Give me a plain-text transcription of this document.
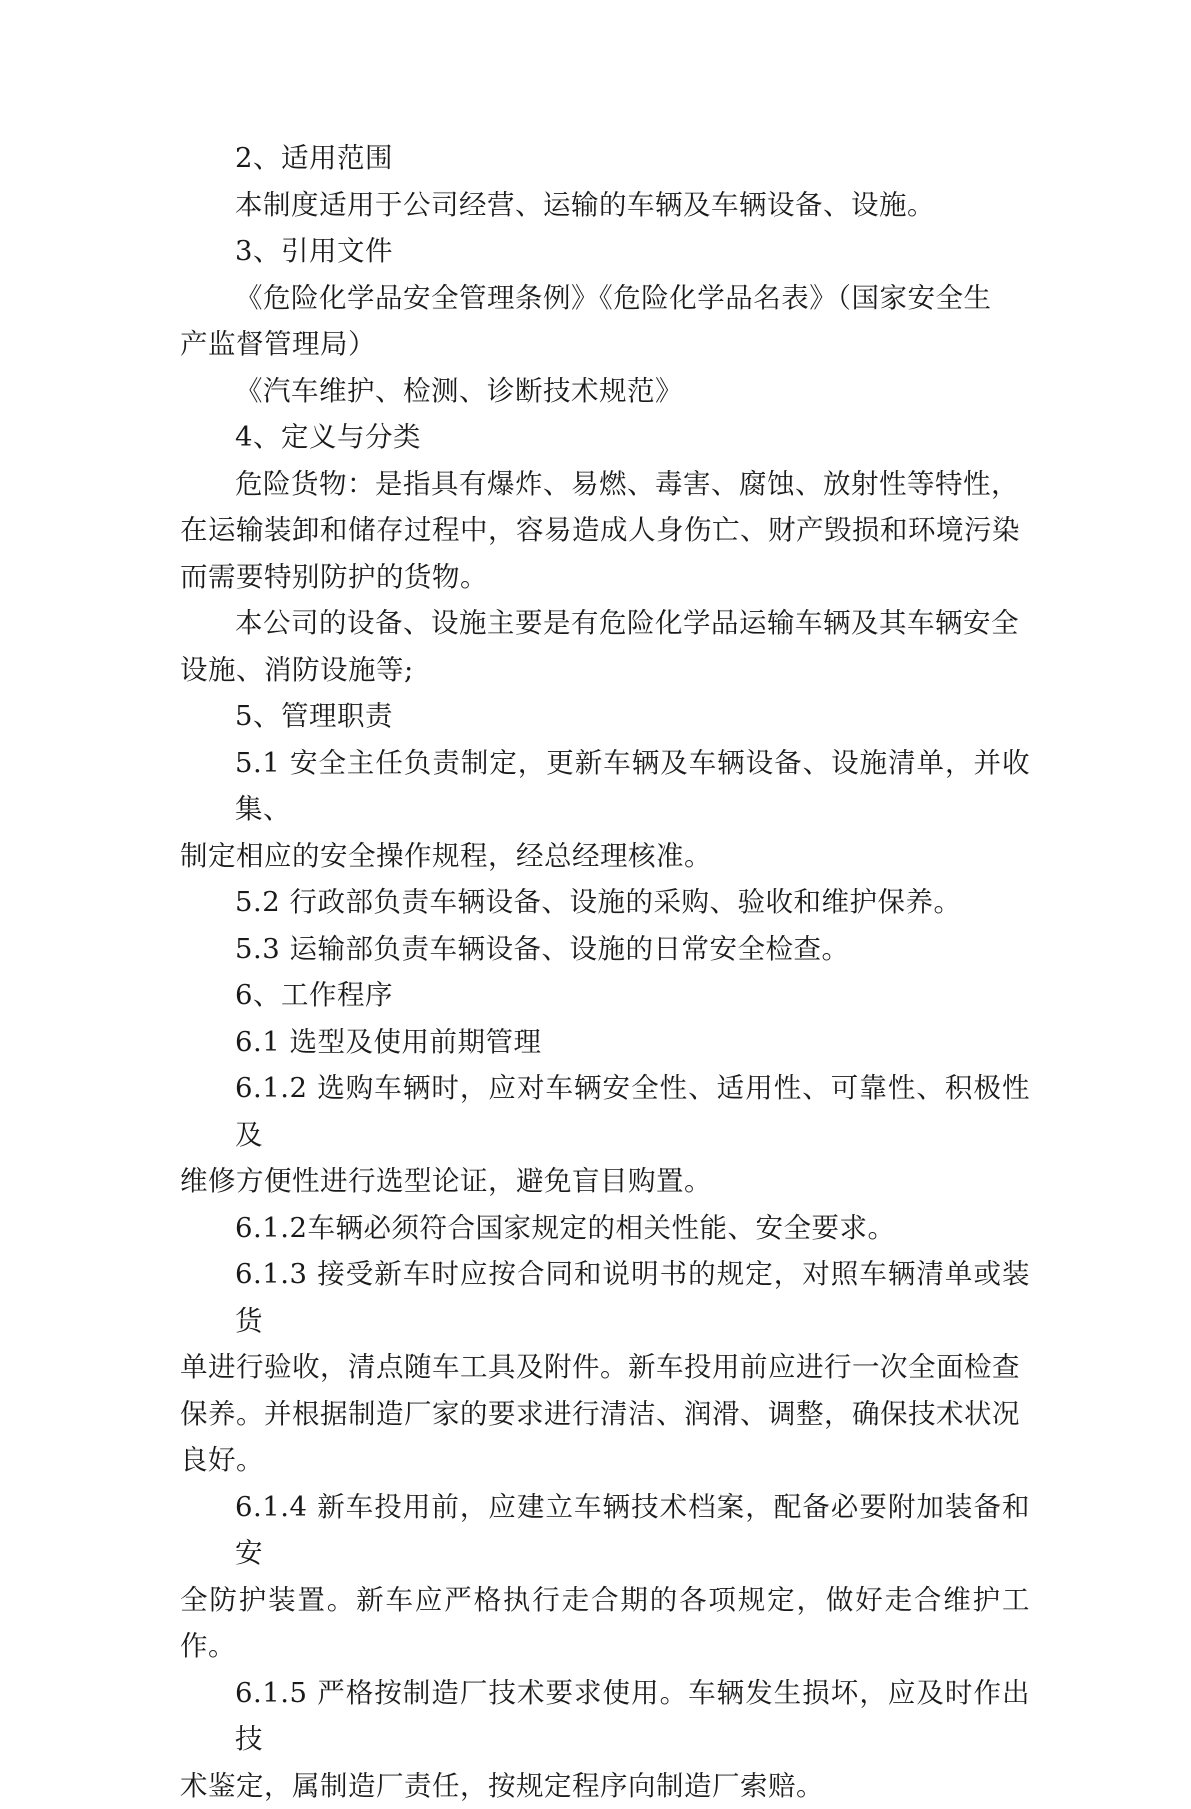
2、适用范围
本制度适用于公司经营、运输的车辆及车辆设备、设施。
3、引用文件
《危险化学品安全管理条例》《危险化学品名表》（国家安全生
产监督管理局）
《汽车维护、检测、诊断技术规范》
4、定义与分类
危险货物：是指具有爆炸、易燃、毒害、腐蚀、放射性等特性，
在运输装卸和储存过程中，容易造成人身伤亡、财产毁损和环境污染
而需要特别防护的货物。
本公司的设备、设施主要是有危险化学品运输车辆及其车辆安全
设施、消防设施等;
5、管理职责
5.1 安全主任负责制定，更新车辆及车辆设备、设施清单，并收集、
制定相应的安全操作规程，经总经理核准。
5.2 行政部负责车辆设备、设施的采购、验收和维护保养。
5.3 运输部负责车辆设备、设施的日常安全检查。
6、工作程序
6.1 选型及使用前期管理
6.1.2 选购车辆时，应对车辆安全性、适用性、可靠性、积极性及
维修方便性进行选型论证，避免盲目购置。
6.1.2车辆必须符合国家规定的相关性能、安全要求。
6.1.3 接受新车时应按合同和说明书的规定，对照车辆清单或装货
单进行验收，清点随车工具及附件。新车投用前应进行一次全面检查
保养。并根据制造厂家的要求进行清洁、润滑、调整，确保技术状况
良好。
6.1.4 新车投用前，应建立车辆技术档案，配备必要附加装备和安
全防护装置。新车应严格执行走合期的各项规定，做好走合维护工作。
6.1.5 严格按制造厂技术要求使用。车辆发生损坏，应及时作出技
术鉴定，属制造厂责任，按规定程序向制造厂索赔。
